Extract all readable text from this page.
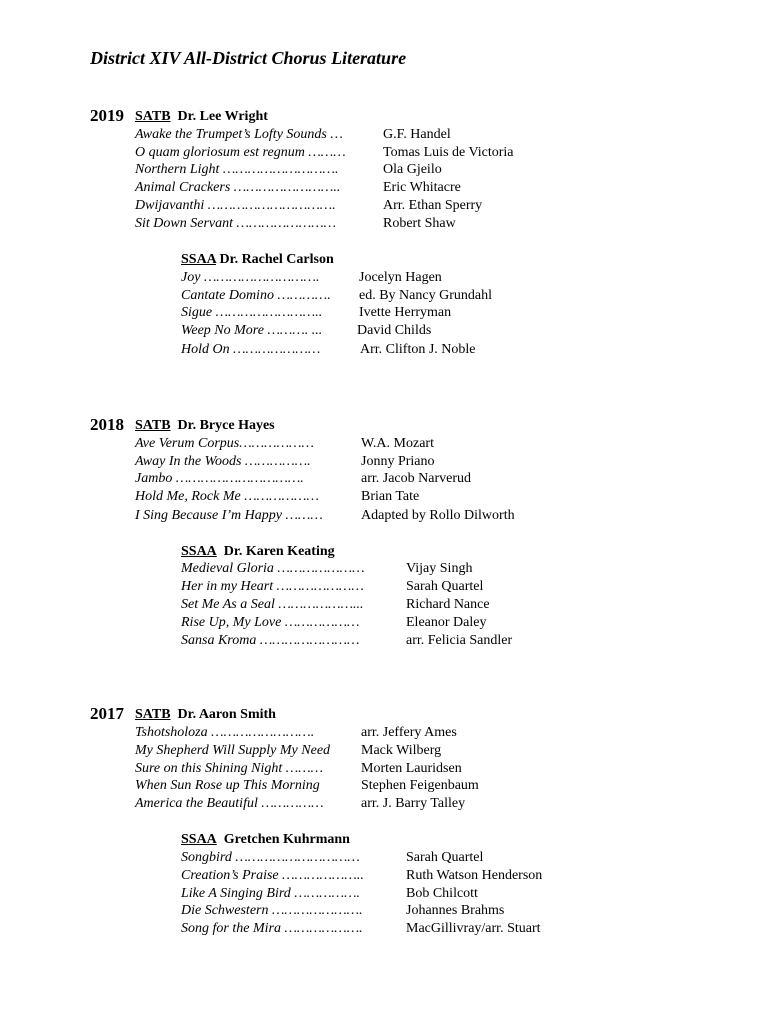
District XIV All-District Chorus Literature
2019 SATB Dr. Lee Wright
Awake the Trumpet’s Lofty Sounds …	G.F. Handel
O quam gloriosum est regnum ………	Tomas Luis de Victoria
Northern Light ……………………….	Ola Gjeilo
Animal Crackers ……………………..	Eric Whitacre
Dwijavanthi ………………………….	Arr. Ethan Sperry
Sit Down Servant ……………………	Robert Shaw
SSAA Dr. Rachel Carlson
Joy ……………………….	Jocelyn Hagen
Cantate Domino …………. ed. By Nancy Grundahl
Sigue ……………………..	Ivette Herryman
Weep No More ………. ... David Childs
Hold On …………………	Arr. Clifton J. Noble
2018 SATB Dr. Bryce Hayes
Ave Verum Corpus………………	W.A. Mozart
Away In the Woods …………….	Jonny Priano
Jambo ………………………….	arr. Jacob Narverud
Hold Me, Rock Me ………………	Brian Tate
I Sing Because I’m Happy ………	Adapted by Rollo Dilworth
SSAA Dr. Karen Keating
Medieval Gloria …………………	Vijay Singh
Her in my Heart …………………	Sarah Quartel
Set Me As a Seal ………………...	Richard Nance
Rise Up, My Love ………………	Eleanor Daley
Sansa Kroma ……………………	arr. Felicia Sandler
2017 SATB Dr. Aaron Smith
Tshotsholoza …………………….	arr. Jeffery Ames
My Shepherd Will Supply My Need Mack Wilberg
Sure on this Shining Night ………	Morten Lauridsen
When Sun Rose up This Morning	Stephen Feigenbaum
America the Beautiful ……………	arr. J. Barry Talley
SSAA Gretchen Kuhrmann
Songbird …………………………	Sarah Quartel
Creation’s Praise ………………..	Ruth Watson Henderson
Like A Singing Bird …………….	Bob Chilcott
Die Schwestern ………………….	Johannes Brahms
Song for the Mira ……………….	MacGillivray/arr. Stuart
